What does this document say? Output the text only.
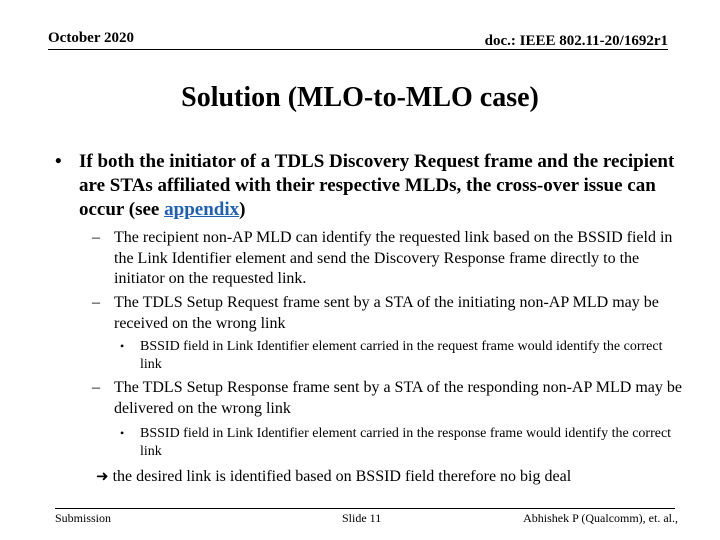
October 2020	doc.: IEEE 802.11-20/1692r1
Solution (MLO-to-MLO case)
• If both the initiator of a TDLS Discovery Request frame and the recipient are STAs affiliated with their respective MLDs, the cross-over issue can occur (see appendix)
– The recipient non-AP MLD can identify the requested link based on the BSSID field in the Link Identifier element and send the Discovery Response frame directly to the initiator on the requested link.
– The TDLS Setup Request frame sent by a STA of the initiating non-AP MLD may be received on the wrong link
• BSSID field in Link Identifier element carried in the request frame would identify the correct link
– The TDLS Setup Response frame sent by a STA of the responding non-AP MLD may be delivered on the wrong link
• BSSID field in Link Identifier element carried in the response frame would identify the correct link
➜ the desired link is identified based on BSSID field therefore no big deal
Submission	Slide 11	Abhishek P (Qualcomm), et. al.,
